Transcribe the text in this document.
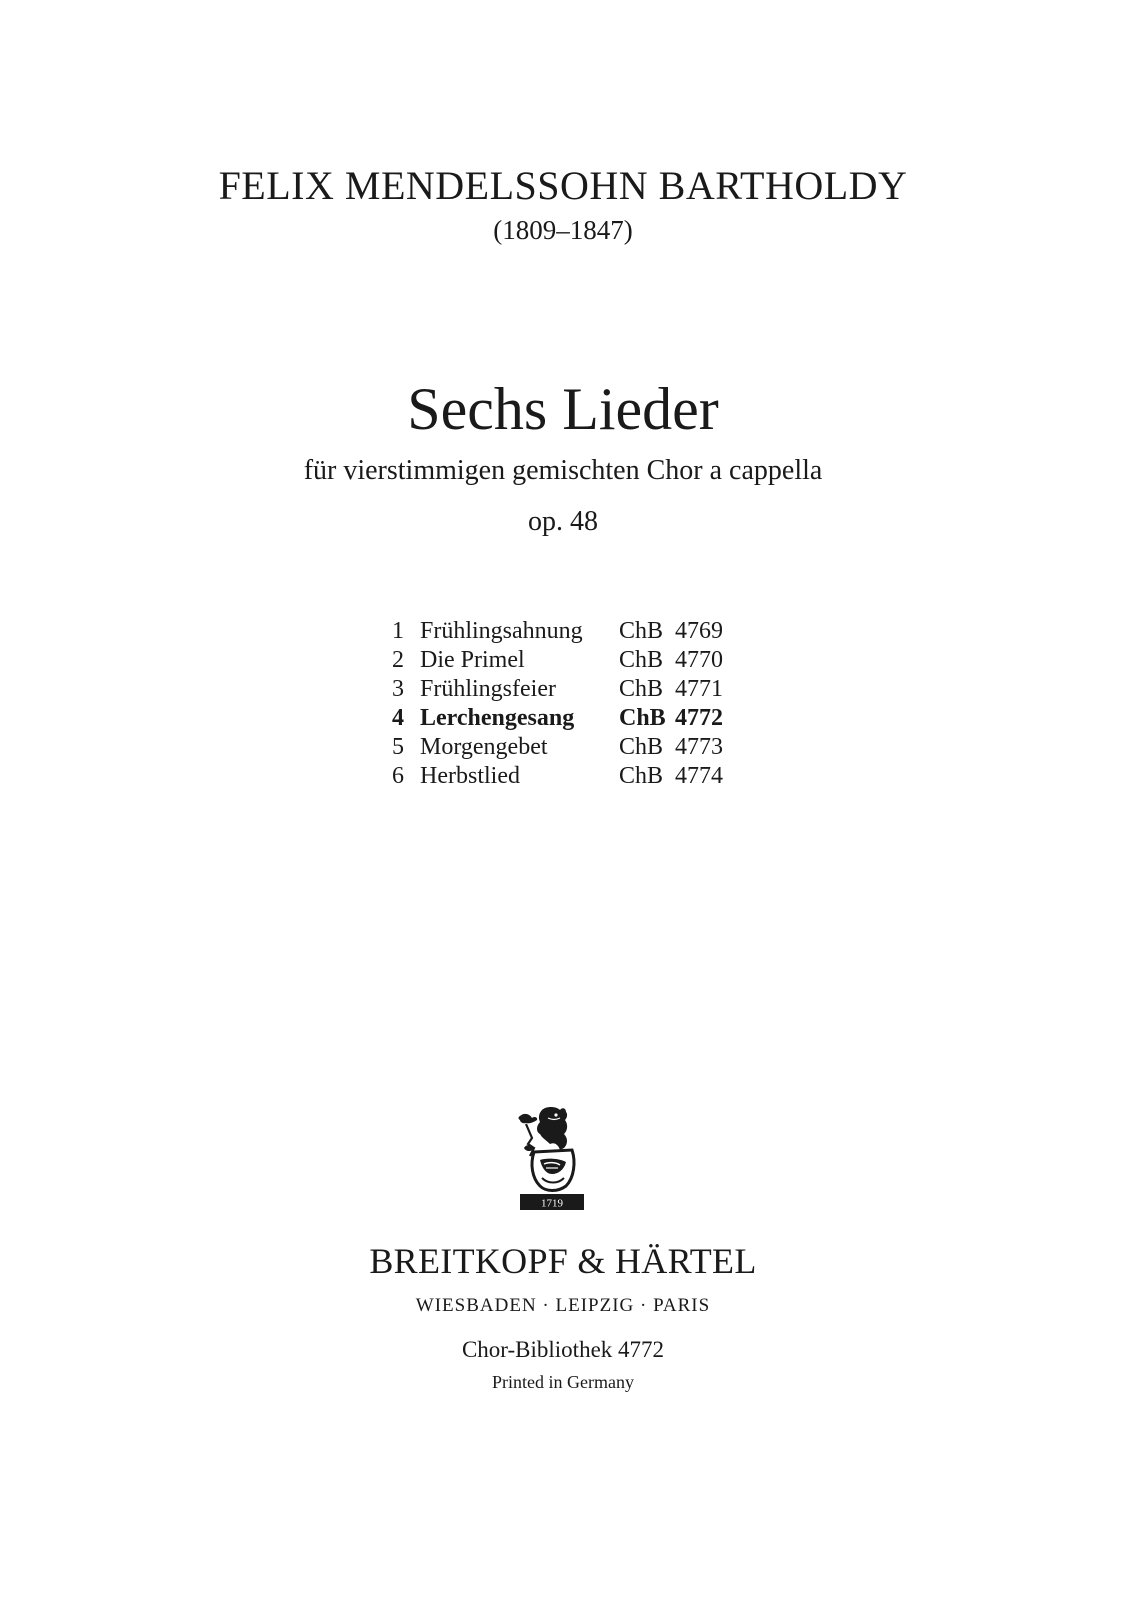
FELIX MENDELSSOHN BARTHOLDY
(1809–1847)
Sechs Lieder
für vierstimmigen gemischten Chor a cappella
op. 48
1 Frühlingsahnung ChB 4769
2 Die Primel	ChB 4770
3 Frühlingsfeier	ChB 4771
4 Lerchengesang ChB 4772
5 Morgengebet	ChB 4773
6 Herbstlied	ChB 4774
1719
BREITKOPF & HÄRTEL
WIESBADEN · LEIPZIG · PARIS
Chor-Bibliothek 4772
Printed in Germany
